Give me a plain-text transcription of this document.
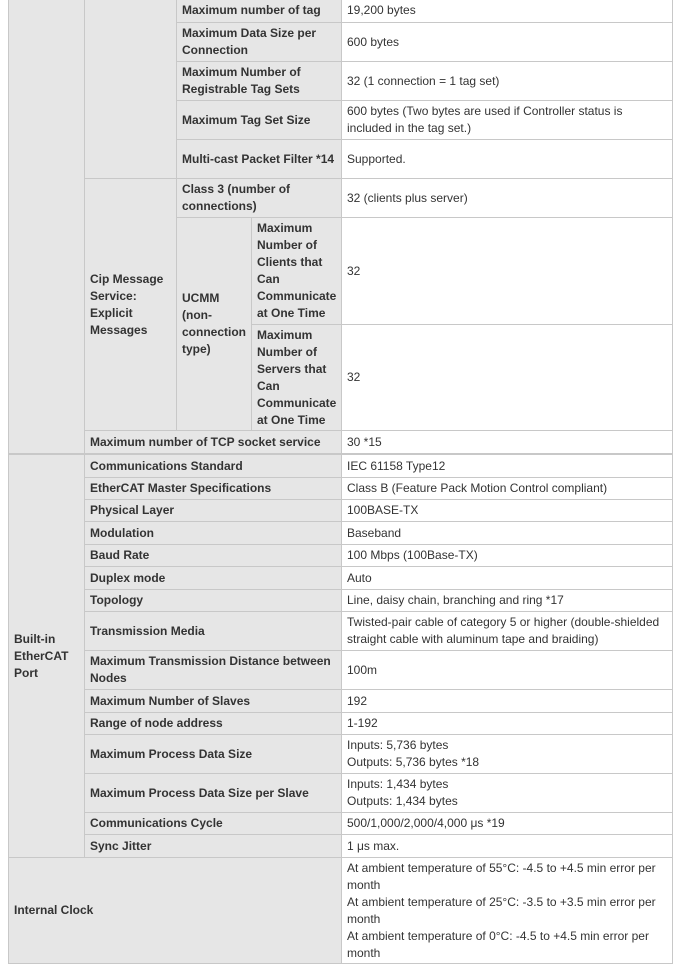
		Maximum number of tag		19,200 bytes
		Maximum Data Size per Connection		600 bytes
		Maximum Number of Registrable Tag Sets		32 (1 connection = 1 tag set)
		Maximum Tag Set Size		600 bytes (Two bytes are used if Controller status is included in the tag set.)
		Multi-cast Packet Filter *14		Supported.
	Cip Message Service: Explicit Messages	Class 3 (number of connections)		32 (clients plus server)
		UCMM (non-connection type)	Maximum Number of Clients that Can Communicate at One Time	32
			Maximum Number of Servers that Can Communicate at One Time	32
	Maximum number of TCP socket service			30 *15
Built-in EtherCAT Port	Communications Standard	IEC 61158 Type12
	EtherCAT Master Specifications	Class B (Feature Pack Motion Control compliant)
	Physical Layer	100BASE-TX
	Modulation	Baseband
	Baud Rate	100 Mbps (100Base-TX)
	Duplex mode	Auto
	Topology	Line, daisy chain, branching and ring *17
	Transmission Media	Twisted-pair cable of category 5 or higher (double-shielded straight cable with aluminum tape and braiding)
	Maximum Transmission Distance between Nodes	100m
	Maximum Number of Slaves	192
	Range of node address	1-192
	Maximum Process Data Size	Inputs: 5,736 bytes
Outputs: 5,736 bytes *18

	Maximum Process Data Size per Slave	Inputs: 1,434 bytes
Outputs: 1,434 bytes

	Communications Cycle	500/1,000/2,000/4,000 μs *19
	Sync Jitter	1 μs max.
Internal Clock		At ambient temperature of 55°C: -4.5 to +4.5 min error per month
At ambient temperature of 25°C: -3.5 to +3.5 min error per month
At ambient temperature of 0°C: -4.5 to +4.5 min error per month
